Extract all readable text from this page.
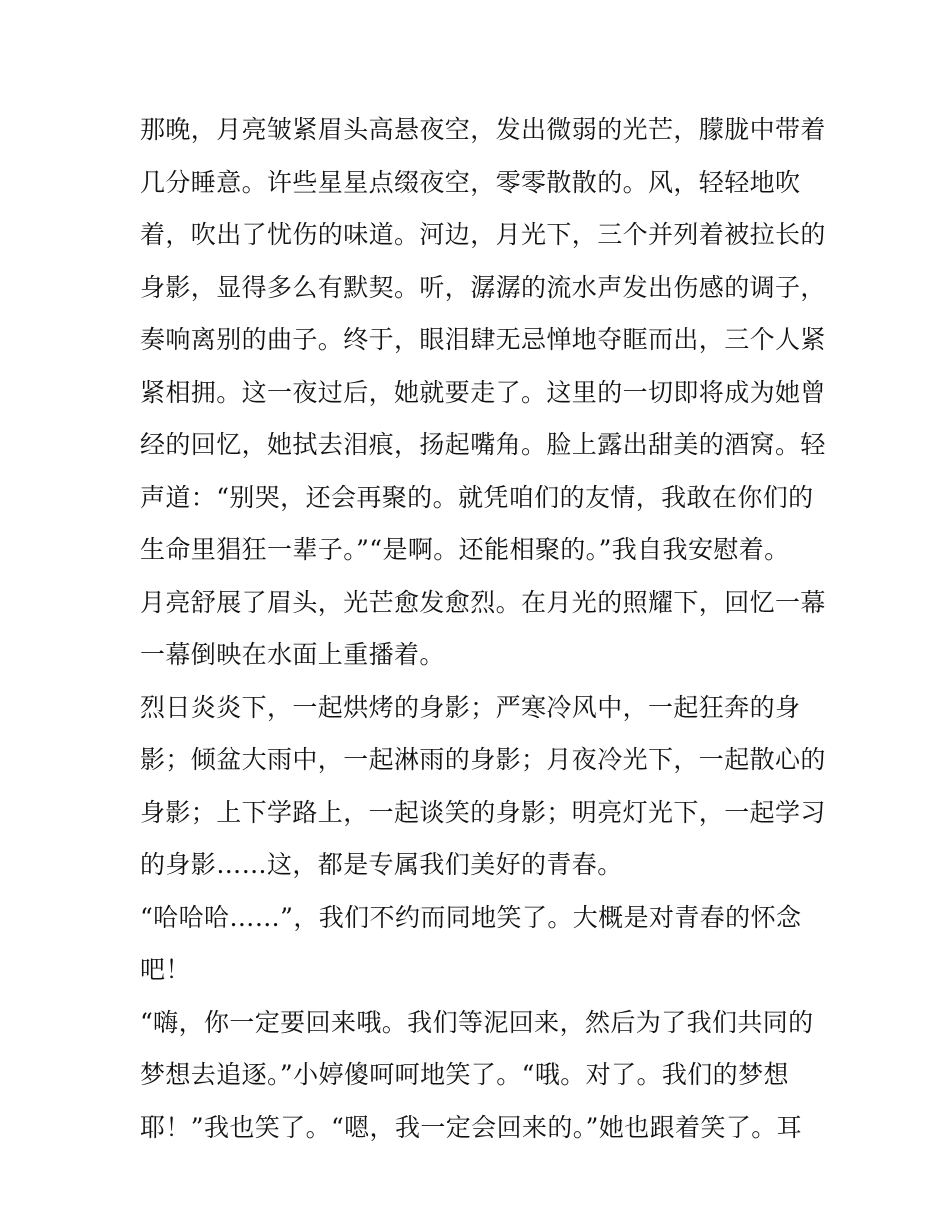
那晚，月亮皱紧眉头高悬夜空，发出微弱的光芒，朦胧中带着
几分睡意。许些星星点缀夜空，零零散散的。风，轻轻地吹
着，吹出了忧伤的味道。河边，月光下，三个并列着被拉长的
身影，显得多么有默契。听，潺潺的流水声发出伤感的调子，
奏响离别的曲子。终于，眼泪肆无忌惮地夺眶而出，三个人紧
紧相拥。这一夜过后，她就要走了。这里的一切即将成为她曾
经的回忆，她拭去泪痕，扬起嘴角。脸上露出甜美的酒窝。轻
声道：“别哭，还会再聚的。就凭咱们的友情，我敢在你们的
生命里猖狂一辈子。”“是啊。还能相聚的。”我自我安慰着。
月亮舒展了眉头，光芒愈发愈烈。在月光的照耀下，回忆一幕
一幕倒映在水面上重播着。
烈日炎炎下，一起烘烤的身影；严寒冷风中，一起狂奔的身
影；倾盆大雨中，一起淋雨的身影；月夜冷光下，一起散心的
身影；上下学路上，一起谈笑的身影；明亮灯光下，一起学习
的身影……这，都是专属我们美好的青春。
“哈哈哈……”，我们不约而同地笑了。大概是对青春的怀念
吧！
“嗨，你一定要回来哦。我们等泥回来，然后为了我们共同的
梦想去追逐。”小婷傻呵呵地笑了。“哦。对了。我们的梦想
耶！”我也笑了。“嗯，我一定会回来的。”她也跟着笑了。耳
